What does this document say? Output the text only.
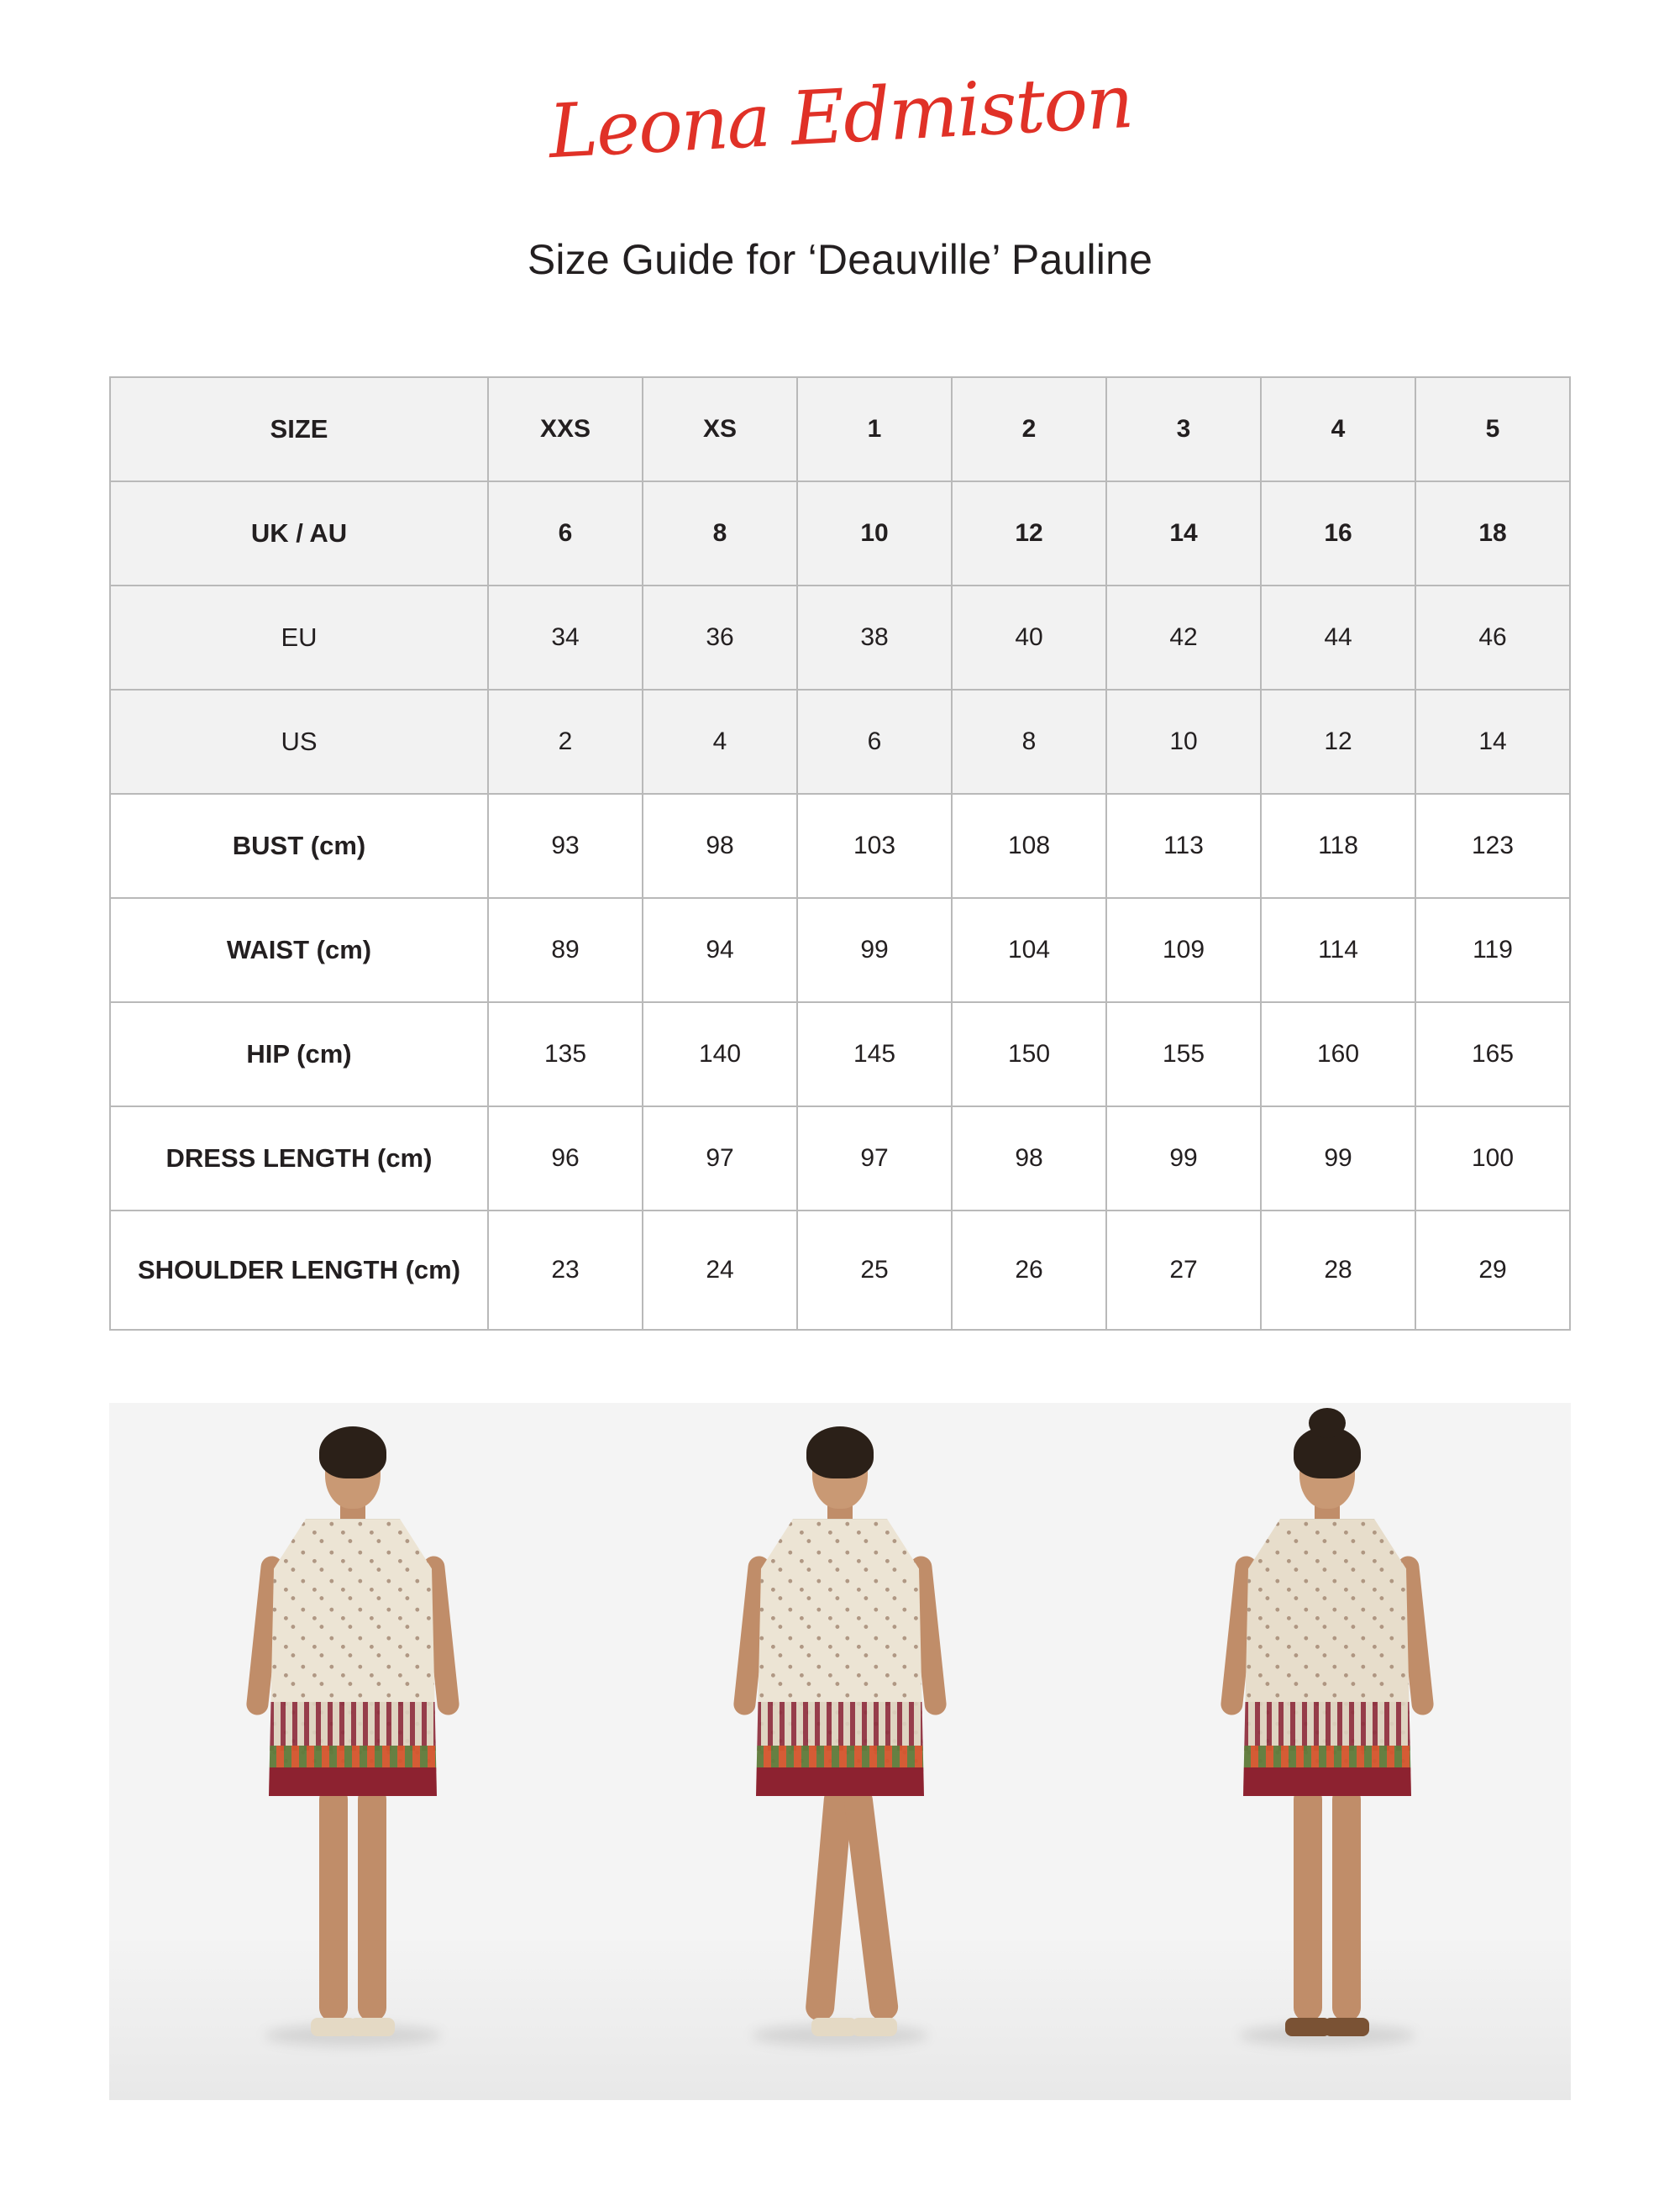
Leona Edmiston
Size Guide for ‘Deauville’ Pauline
SIZE	XXS	XS	1	2	3	4	5
UK / AU	6	8	10	12	14	16	18
EU	34	36	38	40	42	44	46
US	2	4	6	8	10	12	14
BUST (cm)	93	98	103	108	113	118	123
WAIST (cm)	89	94	99	104	109	114	119
HIP (cm)	135	140	145	150	155	160	165
DRESS LENGTH (cm)	96	97	97	98	99	99	100
SHOULDER LENGTH (cm)	23	24	25	26	27	28	29
